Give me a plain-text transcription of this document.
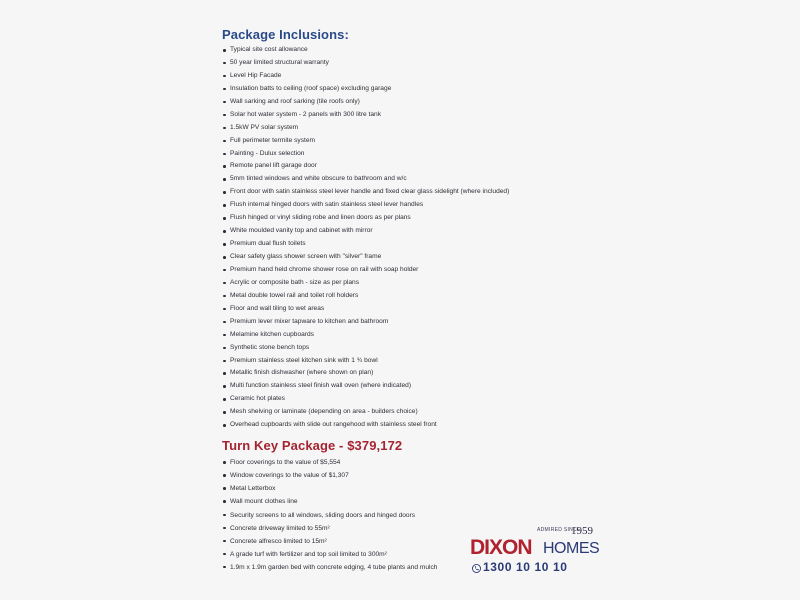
Package Inclusions:
Typical site cost allowance
50 year limited structural warranty
Level Hip Facade
Insulation batts to ceiling (roof space) excluding garage
Wall sarking and roof sarking (tile roofs only)
Solar hot water system - 2 panels with 300 litre tank
1.5kW PV solar system
Full perimeter termite system
Painting - Dulux selection
Remote panel lift garage door
5mm tinted windows and white obscure to bathroom and w/c
Front door with satin stainless steel lever handle and fixed clear glass sidelight (where included)
Flush internal hinged doors with satin stainless steel lever handles
Flush hinged or vinyl sliding robe and linen doors as per plans
White moulded vanity top and cabinet with mirror
Premium dual flush toilets
Clear safety glass shower screen with "silver" frame
Premium hand held chrome shower rose on rail with soap holder
Acrylic or composite bath - size as per plans
Metal double towel rail and toilet roll holders
Floor and wall tiling to wet areas
Premium lever mixer tapware to kitchen and bathroom
Melamine kitchen cupboards
Synthetic stone bench tops
Premium stainless steel kitchen sink with 1 ¾ bowl
Metallic finish dishwasher (where shown on plan)
Multi function stainless steel finish wall oven (where indicated)
Ceramic hot plates
Mesh shelving or laminate (depending on area - builders choice)
Overhead cupboards with slide out rangehood with stainless steel front
Turn Key Package - $379,172
Floor coverings to the value of $5,554
Window coverings to the value of $1,307
Metal Letterbox
Wall mount clothes line
Security screens to all windows, sliding doors and hinged doors
Concrete driveway limited to 55m²
Concrete alfresco limited to 15m²
A grade turf with fertilizer and top soil limited to 300m²
1.9m x 1.9m garden bed with concrete edging, 4 tube plants and mulch
ADMIRED SINCE
1959
DIXON HOMES
1300 10 10 10
